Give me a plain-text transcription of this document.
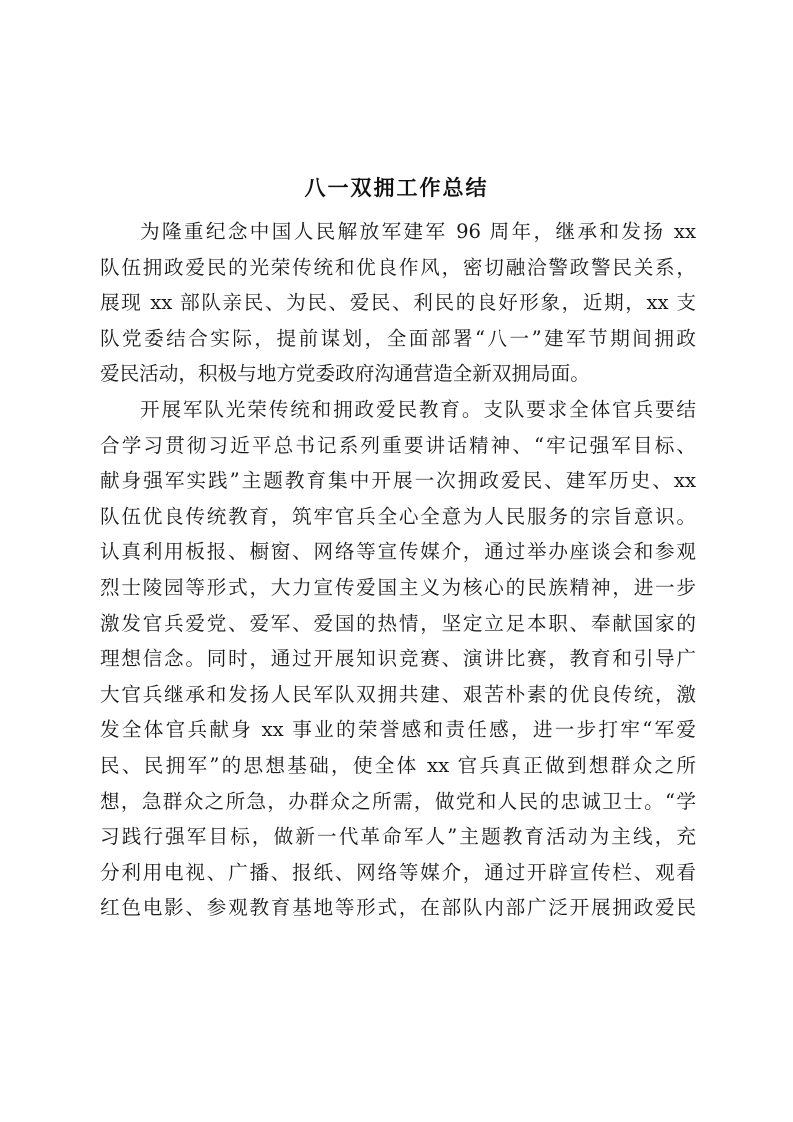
八一双拥工作总结
为隆重纪念中国人民解放军建军 96 周年，继承和发扬 xx
队伍拥政爱民的光荣传统和优良作风，密切融洽警政警民关系，
展现 xx 部队亲民、为民、爱民、利民的良好形象，近期，xx 支
队党委结合实际，提前谋划，全面部署“八一”建军节期间拥政
爱民活动，积极与地方党委政府沟通营造全新双拥局面。
开展军队光荣传统和拥政爱民教育。支队要求全体官兵要结
合学习贯彻习近平总书记系列重要讲话精神、“牢记强军目标、
献身强军实践”主题教育集中开展一次拥政爱民、建军历史、xx
队伍优良传统教育，筑牢官兵全心全意为人民服务的宗旨意识。
认真利用板报、橱窗、网络等宣传媒介，通过举办座谈会和参观
烈士陵园等形式，大力宣传爱国主义为核心的民族精神，进一步
激发官兵爱党、爱军、爱国的热情，坚定立足本职、奉献国家的
理想信念。同时，通过开展知识竞赛、演讲比赛，教育和引导广
大官兵继承和发扬人民军队双拥共建、艰苦朴素的优良传统，激
发全体官兵献身 xx 事业的荣誉感和责任感，进一步打牢“军爱
民、民拥军”的思想基础，使全体 xx 官兵真正做到想群众之所
想，急群众之所急，办群众之所需，做党和人民的忠诚卫士。“学
习践行强军目标，做新一代革命军人”主题教育活动为主线，充
分利用电视、广播、报纸、网络等媒介，通过开辟宣传栏、观看
红色电影、参观教育基地等形式，在部队内部广泛开展拥政爱民
